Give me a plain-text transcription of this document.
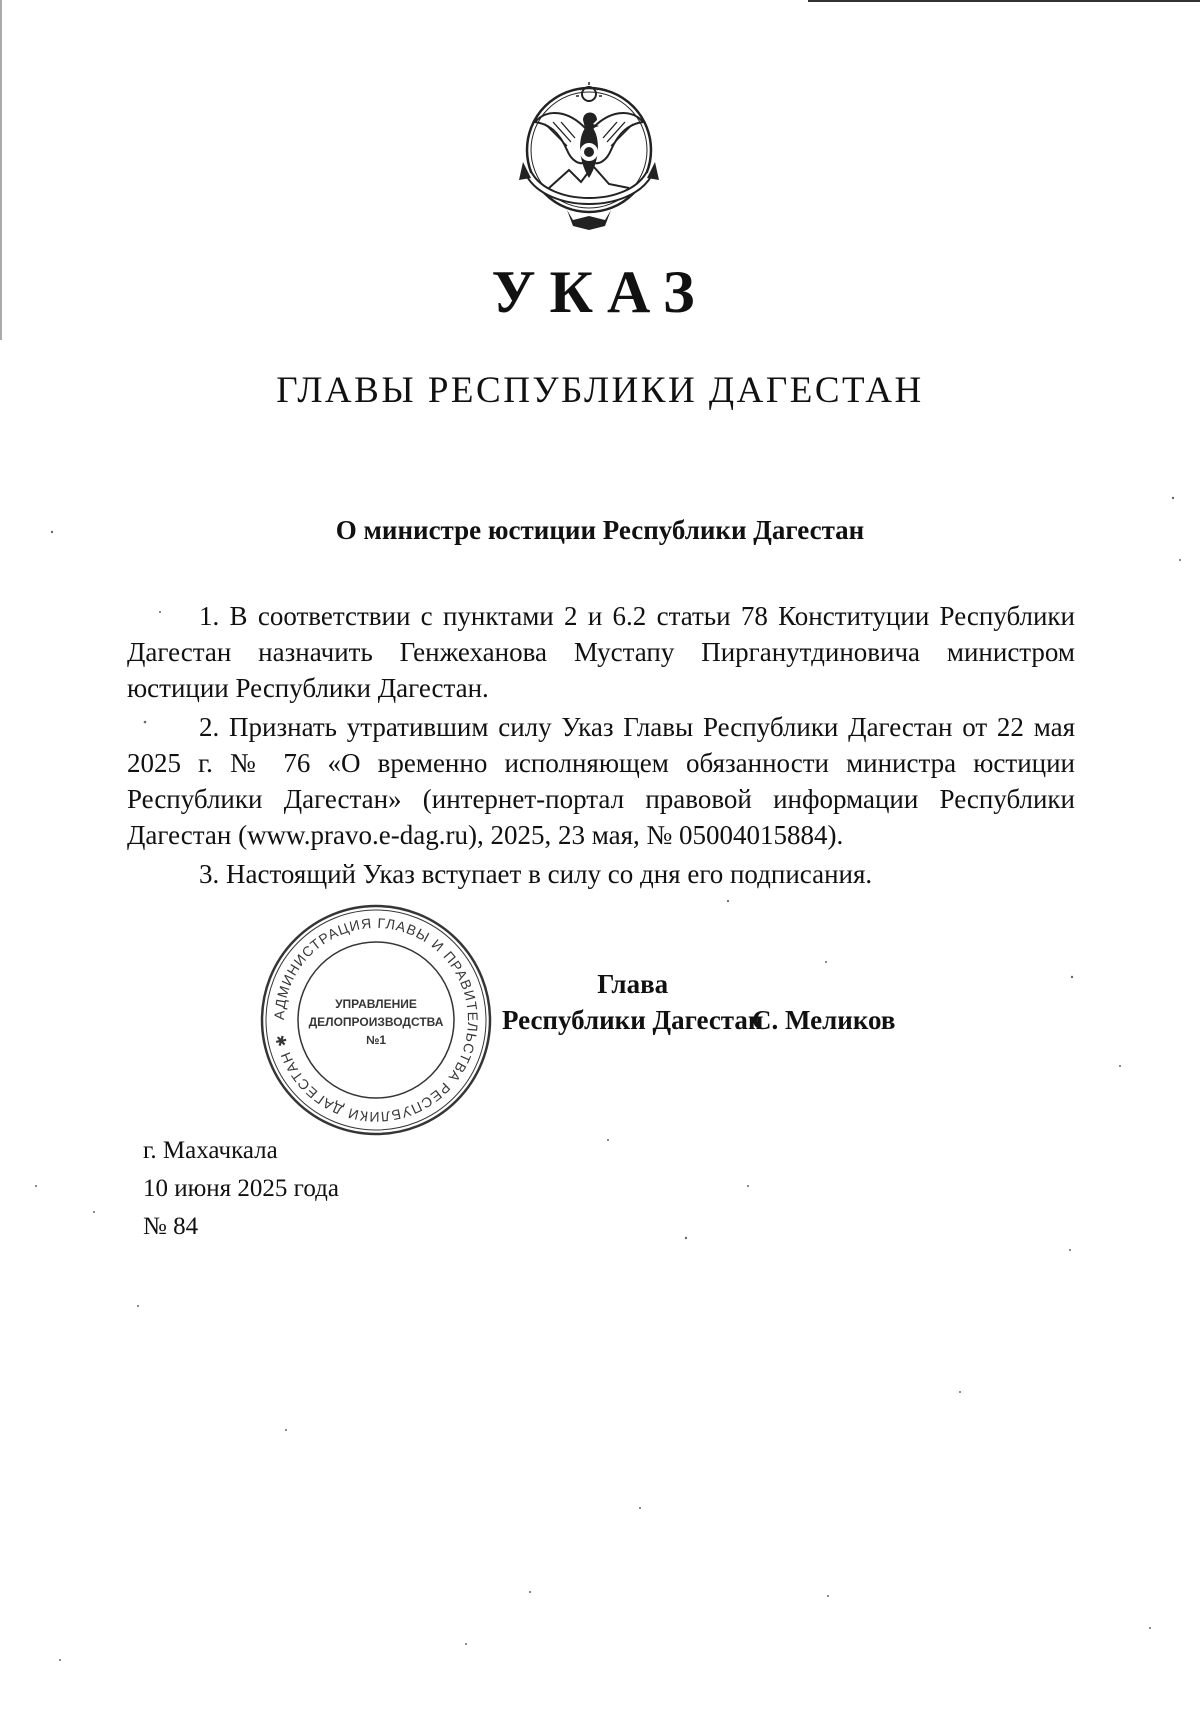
УКАЗ
ГЛАВЫ РЕСПУБЛИКИ ДАГЕСТАН
О министре юстиции Республики Дагестан

1. В соответствии с пунктами 2 и 6.2 статьи 78 Конституции Республики Дагестан назначить Генжеханова Мустапу Пирганутдиновича министром юстиции Республики Дагестан.

2. Признать утратившим силу Указ Главы Республики Дагестан от 22 мая 2025 г. № 76 «О временно исполняющем обязанности министра юстиции Республики Дагестан» (интернет-портал правовой информации Республики Дагестан (www.pravo.e-dag.ru), 2025, 23 мая, № 05004015884).

3. Настоящий Указ вступает в силу со дня его подписания.

АДМИНИСТРАЦИЯ ГЛАВЫ И ПРАВИТЕЛЬСТВА РЕСПУБЛИКИ ДАГЕСТАН ✱
УПРАВЛЕНИЕ
ДЕЛОПРОИЗВОДСТВА
№1
Глава
Республики Дагестан
С. Меликов
г. Махачкала
10 июня 2025 года
№ 84
